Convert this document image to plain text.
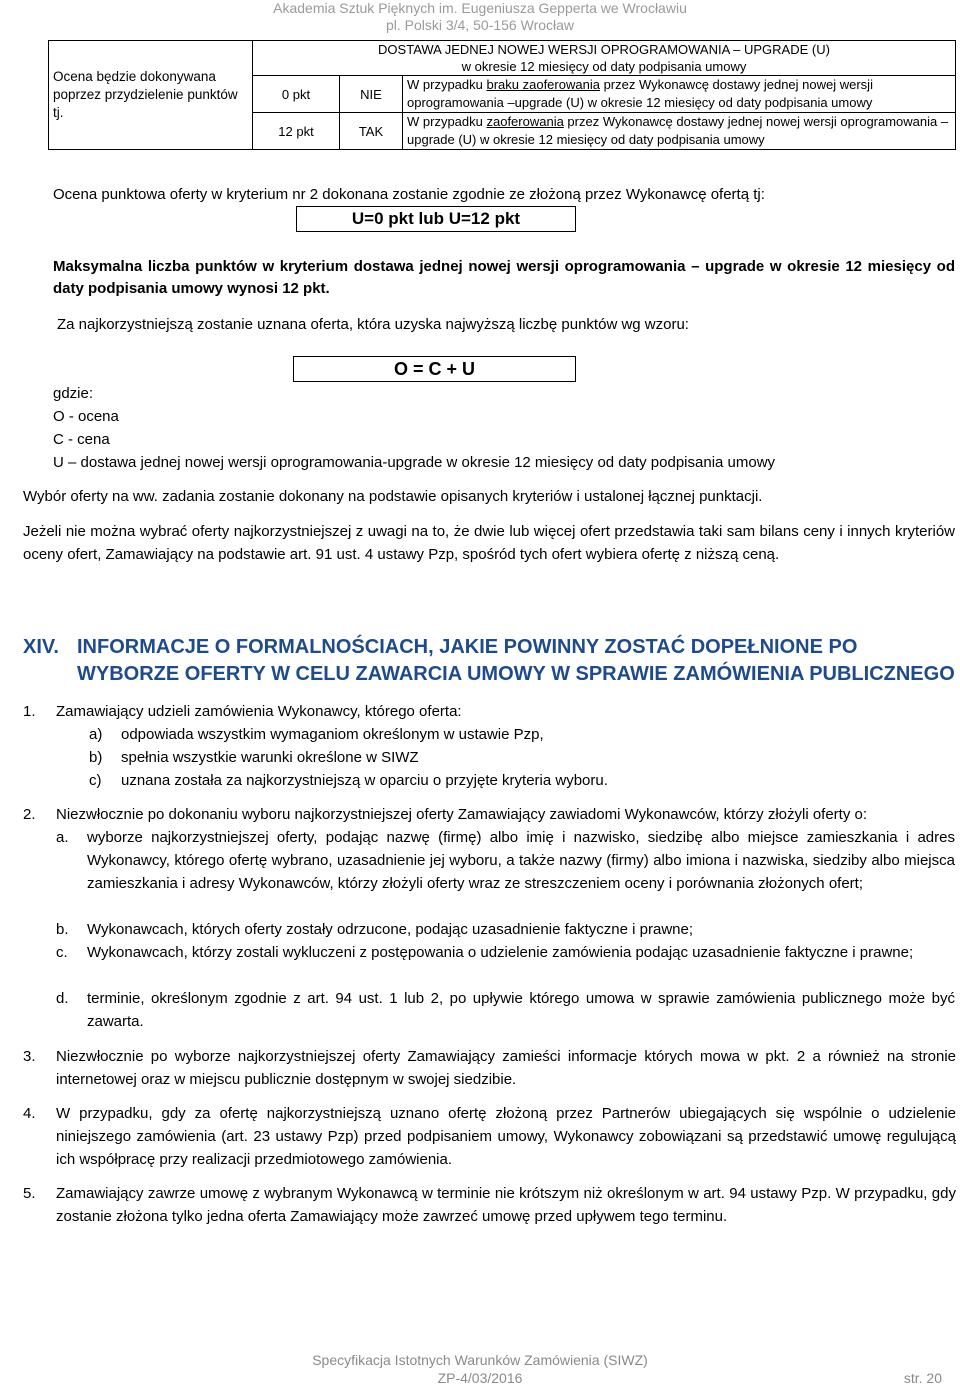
Akademia Sztuk Pięknych im. Eugeniusza Gepperta we Wrocławiu
pl. Polski 3/4, 50-156 Wrocław
Ocena będzie dokonywana poprzez przydzielenie punktów tj.	DOSTAWA JEDNEJ NOWEJ WERSJI OPROGRAMOWANIA – UPGRADE (U)
w okresie 12 miesięcy od daty podpisania umowy		

	0 pkt	NIE	W przypadku braku zaoferowania przez Wykonawcę dostawy jednej nowej wersji oprogramowania –upgrade (U) w okresie 12 miesięcy od daty podpisania umowy
	12 pkt	TAK	W przypadku zaoferowania przez Wykonawcę dostawy jednej nowej wersji oprogramowania – upgrade (U) w okresie 12 miesięcy od daty podpisania umowy
Ocena punktowa oferty w kryterium nr 2 dokonana zostanie zgodnie ze złożoną przez Wykonawcę ofertą tj:
U=0 pkt lub U=12 pkt
Maksymalna liczba punktów w kryterium dostawa jednej nowej wersji oprogramowania – upgrade w okresie 12 miesięcy od daty podpisania umowy wynosi 12 pkt.
Za najkorzystniejszą zostanie uznana oferta, która uzyska najwyższą liczbę punktów wg wzoru:
O = C + U
gdzie:
O - ocena
C - cena
U – dostawa jednej nowej wersji oprogramowania-upgrade w okresie 12 miesięcy od daty podpisania umowy
Wybór oferty na ww. zadania zostanie dokonany na podstawie opisanych kryteriów i ustalonej łącznej punktacji.
Jeżeli nie można wybrać oferty najkorzystniejszej z uwagi na to, że dwie lub więcej ofert przedstawia taki sam bilans ceny i innych kryteriów oceny ofert, Zamawiający na podstawie art. 91 ust. 4 ustawy Pzp, spośród tych ofert wybiera ofertę z niższą ceną.
XIV. INFORMACJE O FORMALNOŚCIACH, JAKIE POWINNY ZOSTAĆ DOPEŁNIONE PO WYBORZE OFERTY W CELU ZAWARCIA UMOWY W SPRAWIE ZAMÓWIENIA PUBLICZNEGO
1. Zamawiający udzieli zamówienia Wykonawcy, którego oferta:
a) odpowiada wszystkim wymaganiom określonym w ustawie Pzp,
b) spełnia wszystkie warunki określone w SIWZ
c) uznana została za najkorzystniejszą w oparciu o przyjęte kryteria wyboru.
2. Niezwłocznie po dokonaniu wyboru najkorzystniejszej oferty Zamawiający zawiadomi Wykonawców, którzy złożyli oferty o:
a. wyborze najkorzystniejszej oferty, podając nazwę (firmę) albo imię i nazwisko, siedzibę albo miejsce zamieszkania i adres Wykonawcy, którego ofertę wybrano, uzasadnienie jej wyboru, a także nazwy (firmy) albo imiona i nazwiska, siedziby albo miejsca zamieszkania i adresy Wykonawców, którzy złożyli oferty wraz ze streszczeniem oceny i porównania złożonych ofert;
b. Wykonawcach, których oferty zostały odrzucone, podając uzasadnienie faktyczne i prawne;
c. Wykonawcach, którzy zostali wykluczeni z postępowania o udzielenie zamówienia podając uzasadnienie faktyczne i prawne;
d. terminie, określonym zgodnie z art. 94 ust. 1 lub 2, po upływie którego umowa w sprawie zamówienia publicznego może być zawarta.
3. Niezwłocznie po wyborze najkorzystniejszej oferty Zamawiający zamieści informacje których mowa w pkt. 2 a również na stronie internetowej oraz w miejscu publicznie dostępnym w swojej siedzibie.
4. W przypadku, gdy za ofertę najkorzystniejszą uznano ofertę złożoną przez Partnerów ubiegających się wspólnie o udzielenie niniejszego zamówienia (art. 23 ustawy Pzp) przed podpisaniem umowy, Wykonawcy zobowiązani są przedstawić umowę regulującą ich współpracę przy realizacji przedmiotowego zamówienia.
5. Zamawiający zawrze umowę z wybranym Wykonawcą w terminie nie krótszym niż określonym w art. 94 ustawy Pzp. W przypadku, gdy zostanie złożona tylko jedna oferta Zamawiający może zawrzeć umowę przed upływem tego terminu.
Specyfikacja Istotnych Warunków Zamówienia (SIWZ)
ZP-4/03/2016	str. 20
